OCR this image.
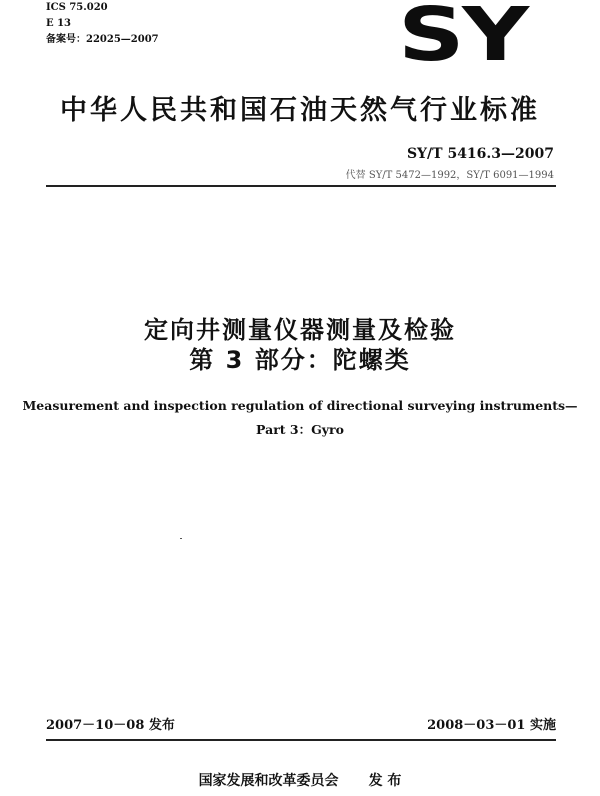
ICS 75.020
E 13
备案号：22025—2007	SY
中华人民共和国石油天然气行业标准
SY/T 5416.3—2007
代替 SY/T 5472—1992，SY/T 6091—1994
定向井测量仪器测量及检验
第 3 部分：陀螺类
Measurement and inspection regulation of directional surveying instruments—
Part 3：Gyro
2007－10－08 发布	2008－03－01 实施
国家发展和改革委员会 发 布
